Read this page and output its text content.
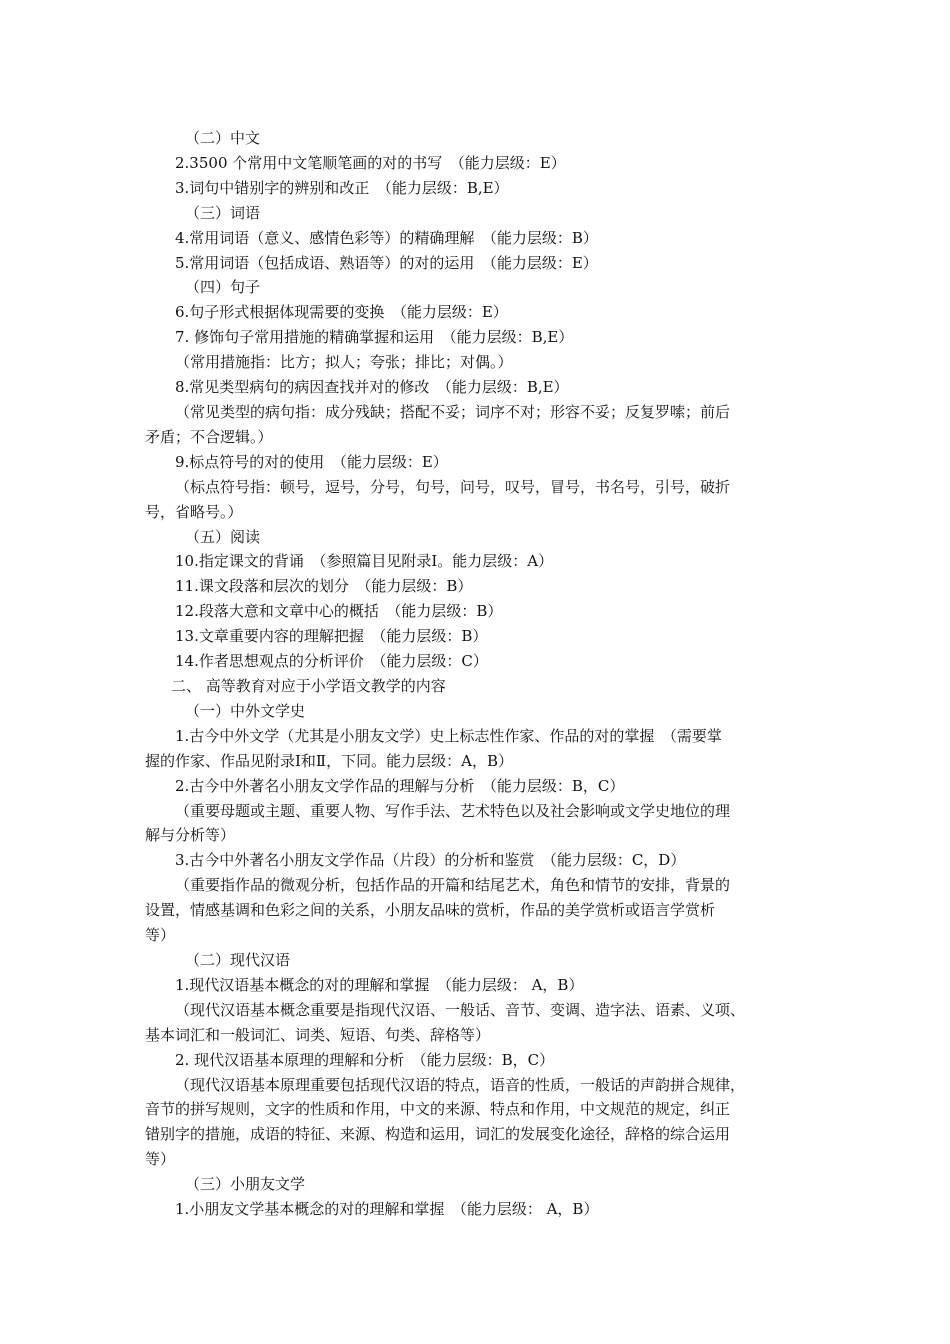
（二）中文
2.3500 个常用中文笔顺笔画的对的书写　（能力层级：E）
3.词句中错别字的辨别和改正　（能力层级：B,E）
（三）词语
4.常用词语（意义、感情色彩等）的精确理解　（能力层级：B）
5.常用词语（包括成语、熟语等）的对的运用　（能力层级：E）
（四）句子
6.句子形式根据体现需要的变换　（能力层级：E）
7. 修饰句子常用措施的精确掌握和运用　（能力层级：B,E）
（常用措施指：比方；拟人；夸张；排比；对偶。）
8.常见类型病句的病因查找并对的修改　（能力层级：B,E）
（常见类型的病句指：成分残缺；搭配不妥；词序不对；形容不妥；反复罗嗦；前后
矛盾；不合逻辑。）
9.标点符号的对的使用　（能力层级：E）
（标点符号指：顿号，逗号，分号，句号，问号，叹号，冒号，书名号，引号，破折
号，省略号。）
（五）阅读
10.指定课文的背诵　（参照篇目见附录Ⅰ。能力层级：A）
11.课文段落和层次的划分　（能力层级：B）
12.段落大意和文章中心的概括　（能力层级：B）
13.文章重要内容的理解把握　（能力层级：B）
14.作者思想观点的分析评价　（能力层级：C）
二、 高等教育对应于小学语文教学的内容
（一）中外文学史
1.古今中外文学（尤其是小朋友文学）史上标志性作家、作品的对的掌握　（需要掌
握的作家、作品见附录Ⅰ和Ⅱ，下同。能力层级：A，B）
2.古今中外著名小朋友文学作品的理解与分析　（能力层级：B，C）
（重要母题或主题、重要人物、写作手法、艺术特色以及社会影响或文学史地位的理
解与分析等）
3.古今中外著名小朋友文学作品（片段）的分析和鉴赏　（能力层级：C，D）
（重要指作品的微观分析，包括作品的开篇和结尾艺术，角色和情节的安排，背景的
设置，情感基调和色彩之间的关系，小朋友品味的赏析，作品的美学赏析或语言学赏析
等）
（二）现代汉语
1.现代汉语基本概念的对的理解和掌握　（能力层级： A，B）
（现代汉语基本概念重要是指现代汉语、一般话、音节、变调、造字法、语素、义项、
基本词汇和一般词汇、词类、短语、句类、辞格等）
2. 现代汉语基本原理的理解和分析　（能力层级：B，C）
（现代汉语基本原理重要包括现代汉语的特点，语音的性质，一般话的声韵拼合规律，
音节的拼写规则，文字的性质和作用，中文的来源、特点和作用，中文规范的规定，纠正
错别字的措施，成语的特征、来源、构造和运用，词汇的发展变化途径，辞格的综合运用
等）
（三）小朋友文学
1.小朋友文学基本概念的对的理解和掌握　（能力层级： A，B）
